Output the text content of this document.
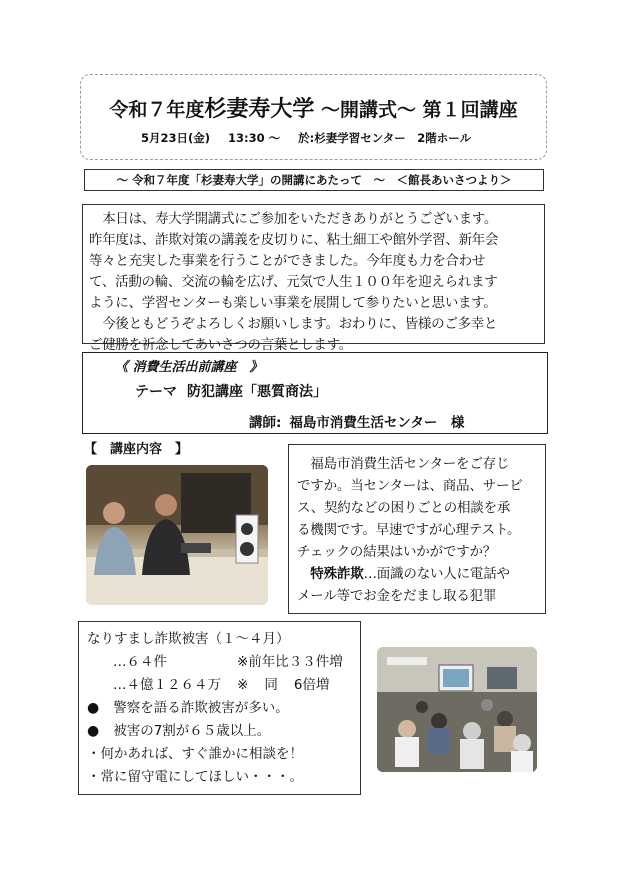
令和７年度杉妻寿大学 ～開講式～ 第１回講座
5月23日(金) 13:30 ～ 於:杉妻学習センター　2階ホール
～ 令和７年度「杉妻寿大学」の開講にあたって　～　＜館長あいさつより＞

　本日は、寿大学開講式にご参加をいただきありがとうございます。

昨年度は、詐欺対策の講義を皮切りに、粘土細工や館外学習、新年会

等々と充実した事業を行うことができました。今年度も力を合わせ

て、活動の輪、交流の輪を広げ、元気で人生１００年を迎えられます

ように、学習センターも楽しい事業を展開して参りたいと思います。

　今後ともどうぞよろしくお願いします。おわりに、皆様のご多幸と

ご健勝を祈念してあいさつの言葉とします。

《 消費生活出前講座　》
テーマ 防犯講座「悪質商法」
講師: 福島市消費生活センター　様
【　講座内容　】

　福島市消費生活センターをご存じ

ですか。当センターは、商品、サービ

ス、契約などの困りごとの相談を承

る機関です。早速ですが心理テスト。

チェックの結果はいかがですか？

　特殊詐欺…面識のない人に電話や

メール等でお金をだまし取る犯罪

なりすまし詐欺被害（１～４月）
…６４件	※前年比３３件増
…４億１２６４万 ※ 同 6倍増
● 警察を語る詐欺被害が多い。
● 被害の7割が６５歳以上。
・何かあれば、すぐ誰かに相談を！
・常に留守電にしてほしい・・・。
